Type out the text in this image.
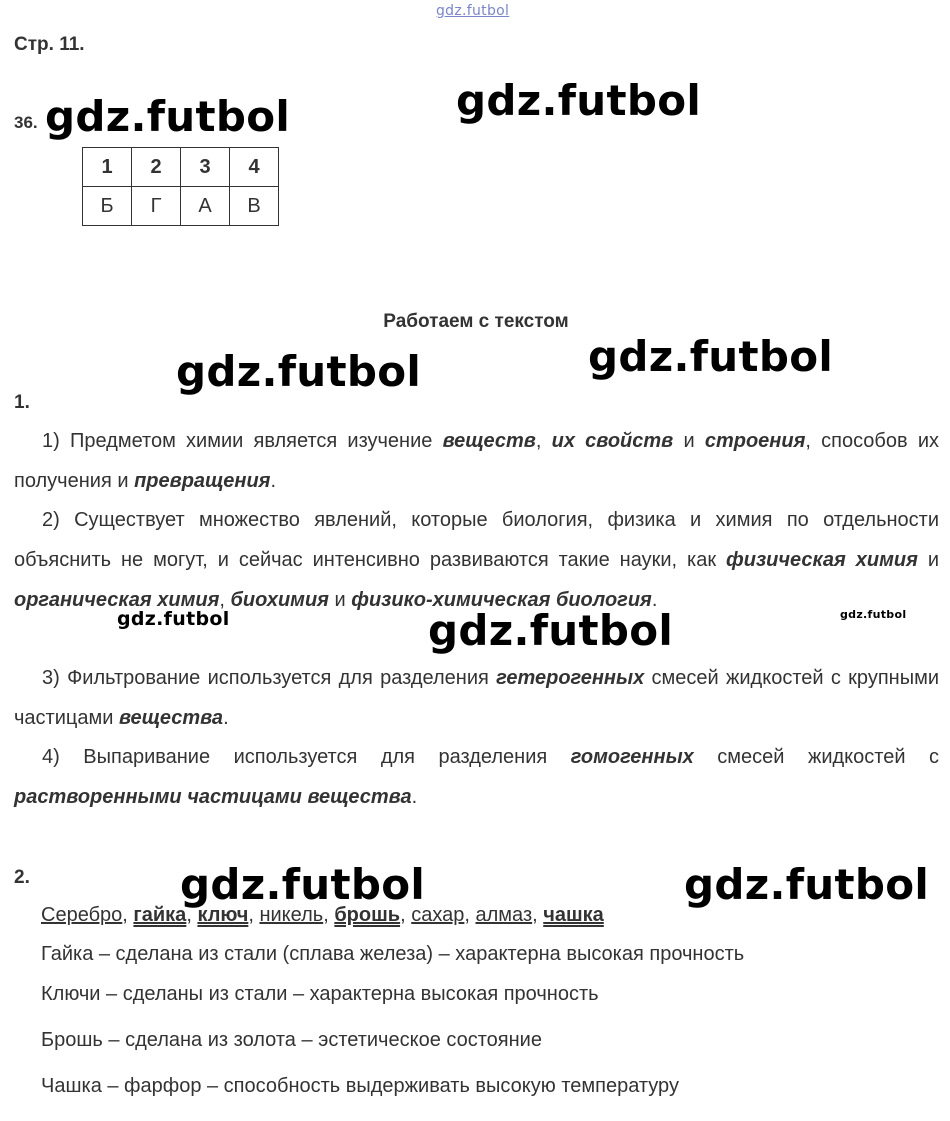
gdz.futbol
Стр. 11.
36. gdz.futbol	gdz.futbol
1	2	3	4
Б	Г	А	В
Работаем с текстом
gdz.futbol
gdz.futbol
1.
1) Предметом химии является изучение веществ, их свойств и строения, способов их получения и превращения.
2) Существует множество явлений, которые биология, физика и химия по отдельности объяснить не могут, и сейчас интенсивно развиваются такие науки, как физическая химия и органическая химия, биохимия и физико-химическая биология.
gdz.futbol	gdz.futbol
gdz.futbol
3) Фильтрование используется для разделения гетерогенных смесей жидкостей с крупными частицами вещества.
4) Выпаривание используется для разделения гомогенных смесей жидкостей с растворенными частицами вещества.
2.	gdz.futbol	gdz.futbol
Серебро, гайка, ключ, никель, брошь, сахар, алмаз, чашка
Гайка – сделана из стали (сплава железа) – характерна высокая прочность
Ключи – сделаны из стали – характерна высокая прочность
Брошь – сделана из золота – эстетическое состояние
Чашка – фарфор – способность выдерживать высокую температуру
